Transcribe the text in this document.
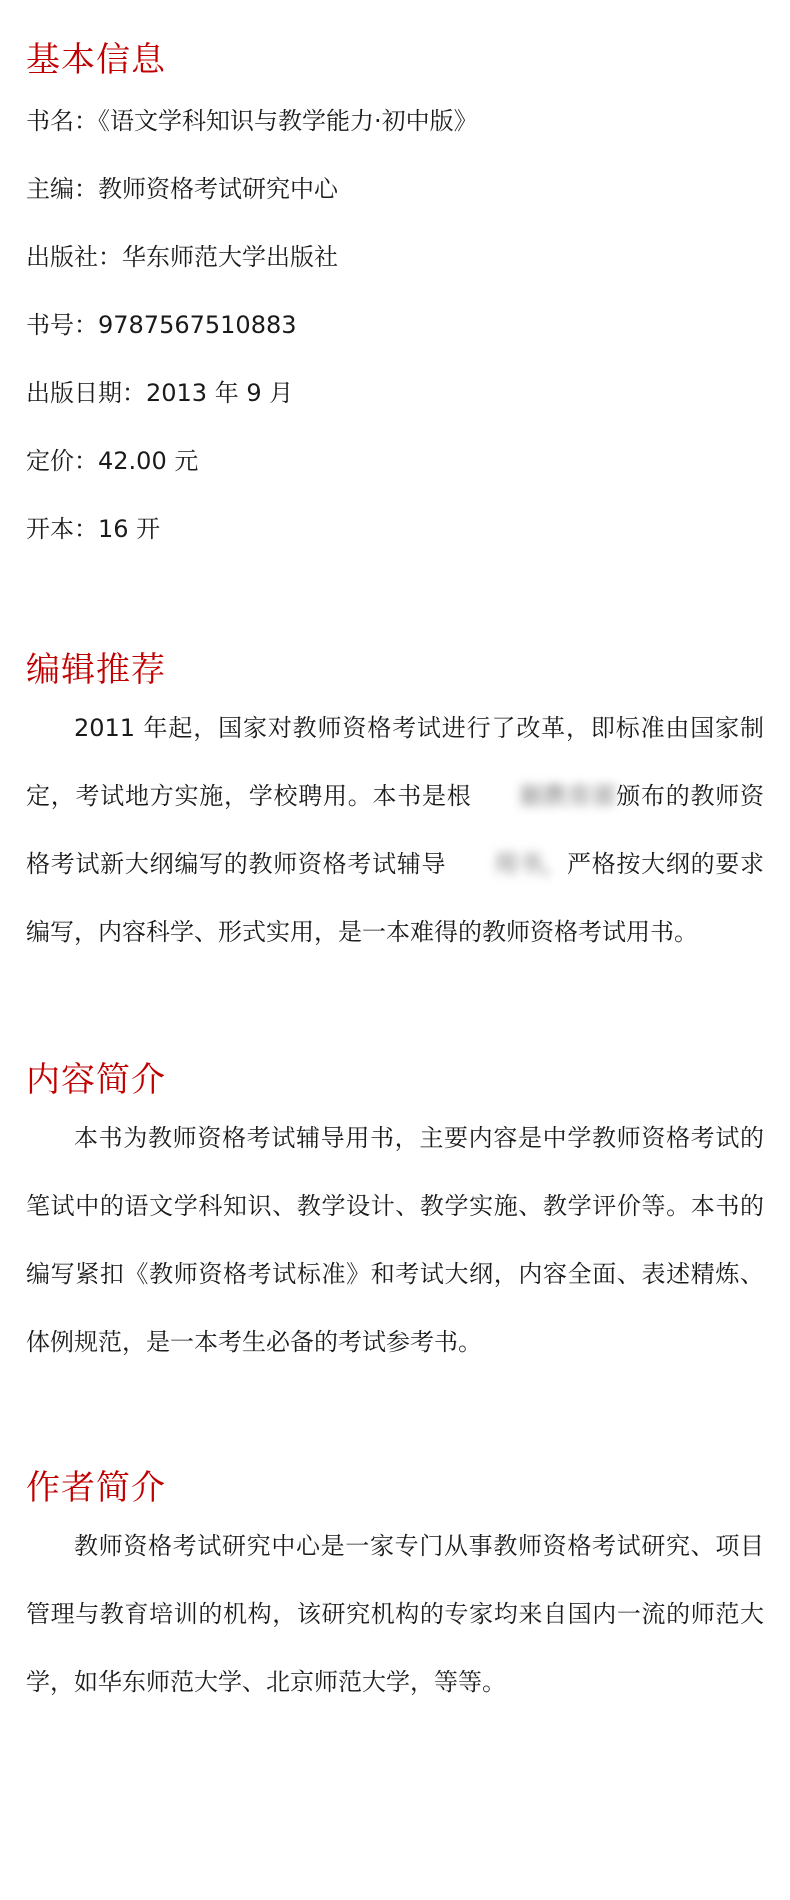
基本信息

书名：《语文学科知识与教学能力·初中版》

主编：教师资格考试研究中心

出版社：华东师范大学出版社

书号：9787567510883

出版日期：2013 年 9 月

定价：42.00 元

开本：16 开

编辑推荐

2011 年起，国家对教师资格考试进行了改革，即标准由国家制定，考试地方实施，学校聘用。本书是根 据教育部颁布的教师资格考试新大纲编写的教师资格考试辅导 用书，严格按大纲的要求编写，内容科学、形式实用，是一本难得的教师资格考试用书。

内容简介

本书为教师资格考试辅导用书，主要内容是中学教师资格考试的笔试中的语文学科知识、教学设计、教学实施、教学评价等。本书的编写紧扣《教师资格考试标准》和考试大纲，内容全面、表述精炼、体例规范，是一本考生必备的考试参考书。

作者简介

教师资格考试研究中心是一家专门从事教师资格考试研究、项目管理与教育培训的机构，该研究机构的专家均来自国内一流的师范大学，如华东师范大学、北京师范大学，等等。
